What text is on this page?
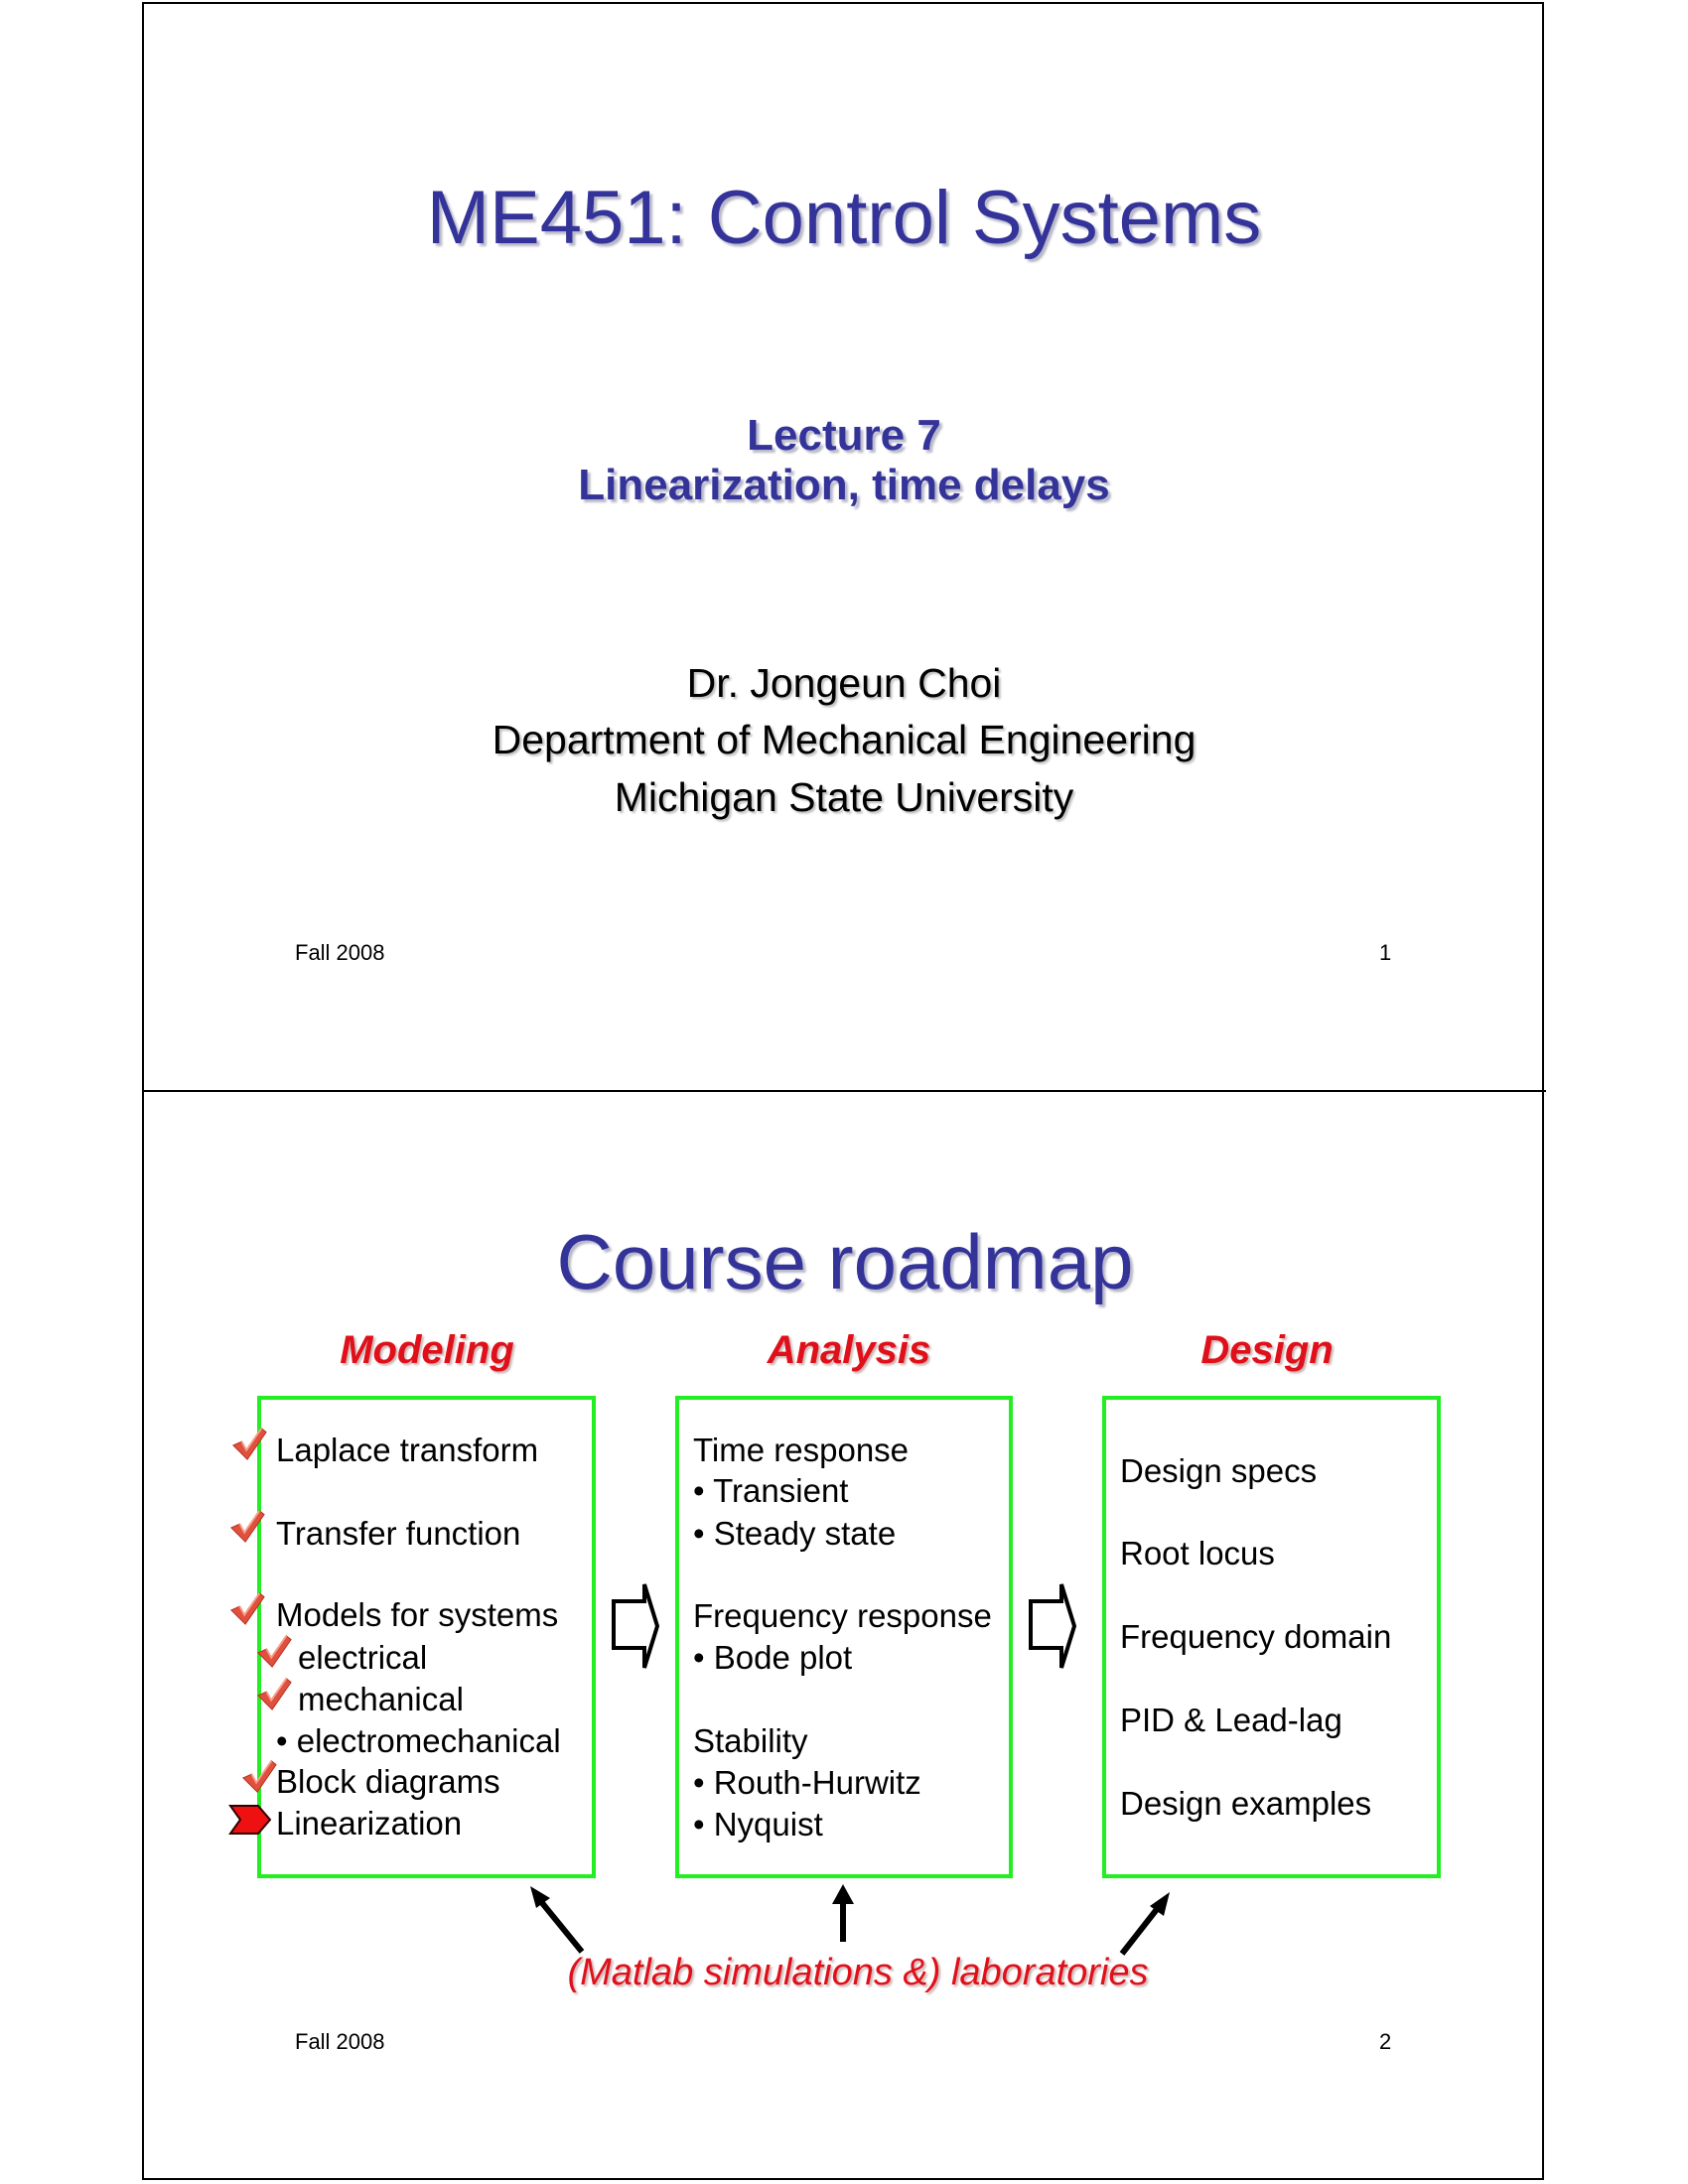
ME451: Control Systems
Lecture 7
Linearization, time delays
Dr. Jongeun Choi
Department of Mechanical Engineering
Michigan State University
Fall 2008	1
Course roadmap
Modeling	Analysis	Design
Laplace transform
Transfer function
Models for systems
electrical
mechanical
• electromechanical
Block diagrams
Linearization
Time response
• Transient
• Steady state
Frequency response
• Bode plot
Stability
• Routh-Hurwitz
• Nyquist
Design specs
Root locus
Frequency domain
PID & Lead-lag
Design examples
(Matlab simulations &) laboratories
Fall 2008	2
